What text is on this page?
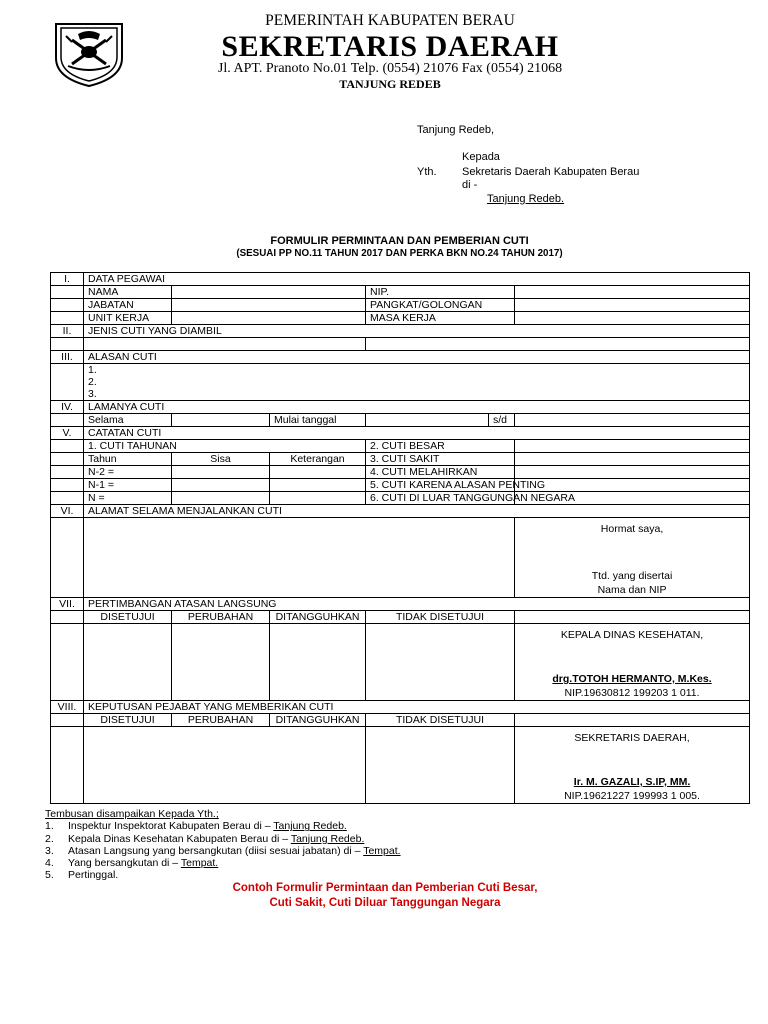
PEMERINTAH KABUPATEN BERAU
SEKRETARIS DAERAH
Jl. APT. Pranoto No.01 Telp. (0554) 21076 Fax (0554) 21068
TANJUNG REDEB
Tanjung Redeb,
Kepada
Yth. Sekretaris Daerah Kabupaten Berau
di -
Tanjung Redeb.
FORMULIR PERMINTAAN DAN PEMBERIAN CUTI
(SESUAI PP NO.11 TAHUN 2017 DAN PERKA BKN NO.24 TAHUN 2017)
I.	DATA PEGAWAI					
	NAMA			NIP.		
	JABATAN			PANGKAT/GOLONGAN		
	UNIT KERJA			MASA KERJA		
II.	JENIS CUTI YANG DIAMBIL					

III.	ALASAN CUTI					

	1.
2.
3.					

IV.	LAMANYA CUTI					
	Selama		Mulai tanggal		s/d	
V.	CATATAN CUTI					
	1. CUTI TAHUNAN			2. CUTI BESAR		
	Tahun	Sisa	Keterangan	3. CUTI SAKIT		
	N-2 =			4. CUTI MELAHIRKAN		
	N-1 =			5. CUTI KARENA ALASAN PENTING		
	N =			6. CUTI DI LUAR TANGGUNGAN NEGARA		
VI.	ALAMAT SELAMA MENJALANKAN CUTI					

						Hormat saya,
Ttd. yang disertai
Nama dan NIP

VII.	PERTIMBANGAN ATASAN LANGSUNG					
	DISETUJUI	PERUBAHAN	DITANGGUHKAN	TIDAK DISETUJUI		

						KEPALA DINAS KESEHATAN,
drg.TOTOH HERMANTO, M.Kes.
NIP.19630812 199203 1 011.

VIII.	KEPUTUSAN PEJABAT YANG MEMBERIKAN CUTI					
	DISETUJUI	PERUBAHAN	DITANGGUHKAN	TIDAK DISETUJUI		

						SEKRETARIS DAERAH,
Ir. M. GAZALI, S.IP, MM.
NIP.19621227 199993 1 005.
Tembusan disampaikan Kepada Yth.;
1.	Inspektur Inspektorat Kabupaten Berau di – Tanjung Redeb.
2.	Kepala Dinas Kesehatan Kabupaten Berau di – Tanjung Redeb.
3.	Atasan Langsung yang bersangkutan (diisi sesuai jabatan) di – Tempat.
4.	Yang bersangkutan di – Tempat.
5.	Pertinggal.
Contoh Formulir Permintaan dan Pemberian Cuti Besar,
Cuti Sakit, Cuti Diluar Tanggungan Negara
